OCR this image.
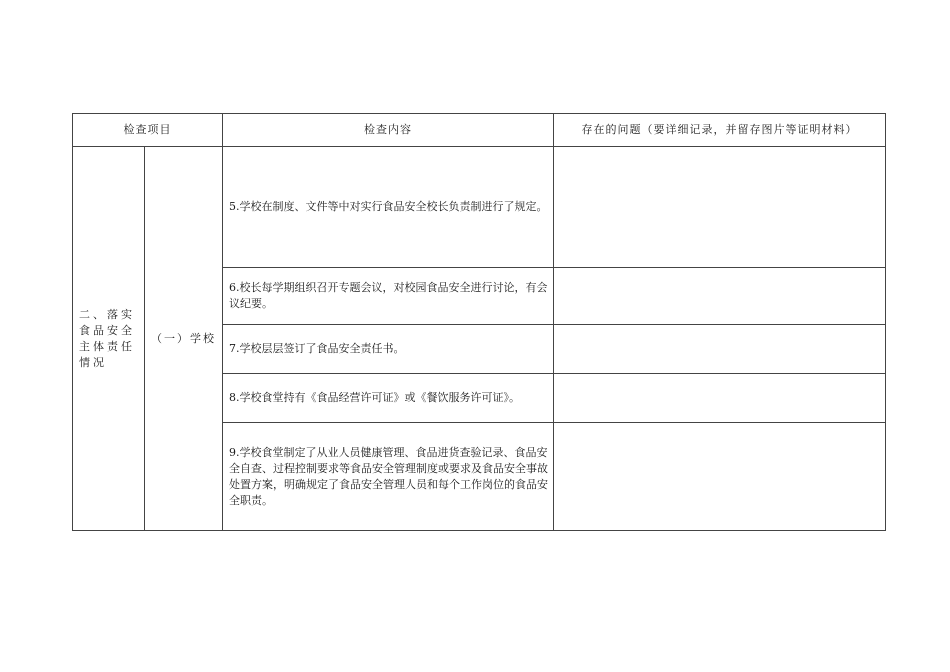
检查项目		检查内容	存在的问题（要详细记录，并留存图片等证明材料）
二、落实食品安全主体责任情况	（一）学校	5.学校在制度、文件等中对实行食品安全校长负责制进行了规定。	
		6.校长每学期组织召开专题会议，对校园食品安全进行讨论，有会议纪要。	
		7.学校层层签订了食品安全责任书。	
		8.学校食堂持有《食品经营许可证》或《餐饮服务许可证》。	
		9.学校食堂制定了从业人员健康管理、食品进货查验记录、食品安全自查、过程控制要求等食品安全管理制度或要求及食品安全事故处置方案，明确规定了食品安全管理人员和每个工作岗位的食品安全职责。	
